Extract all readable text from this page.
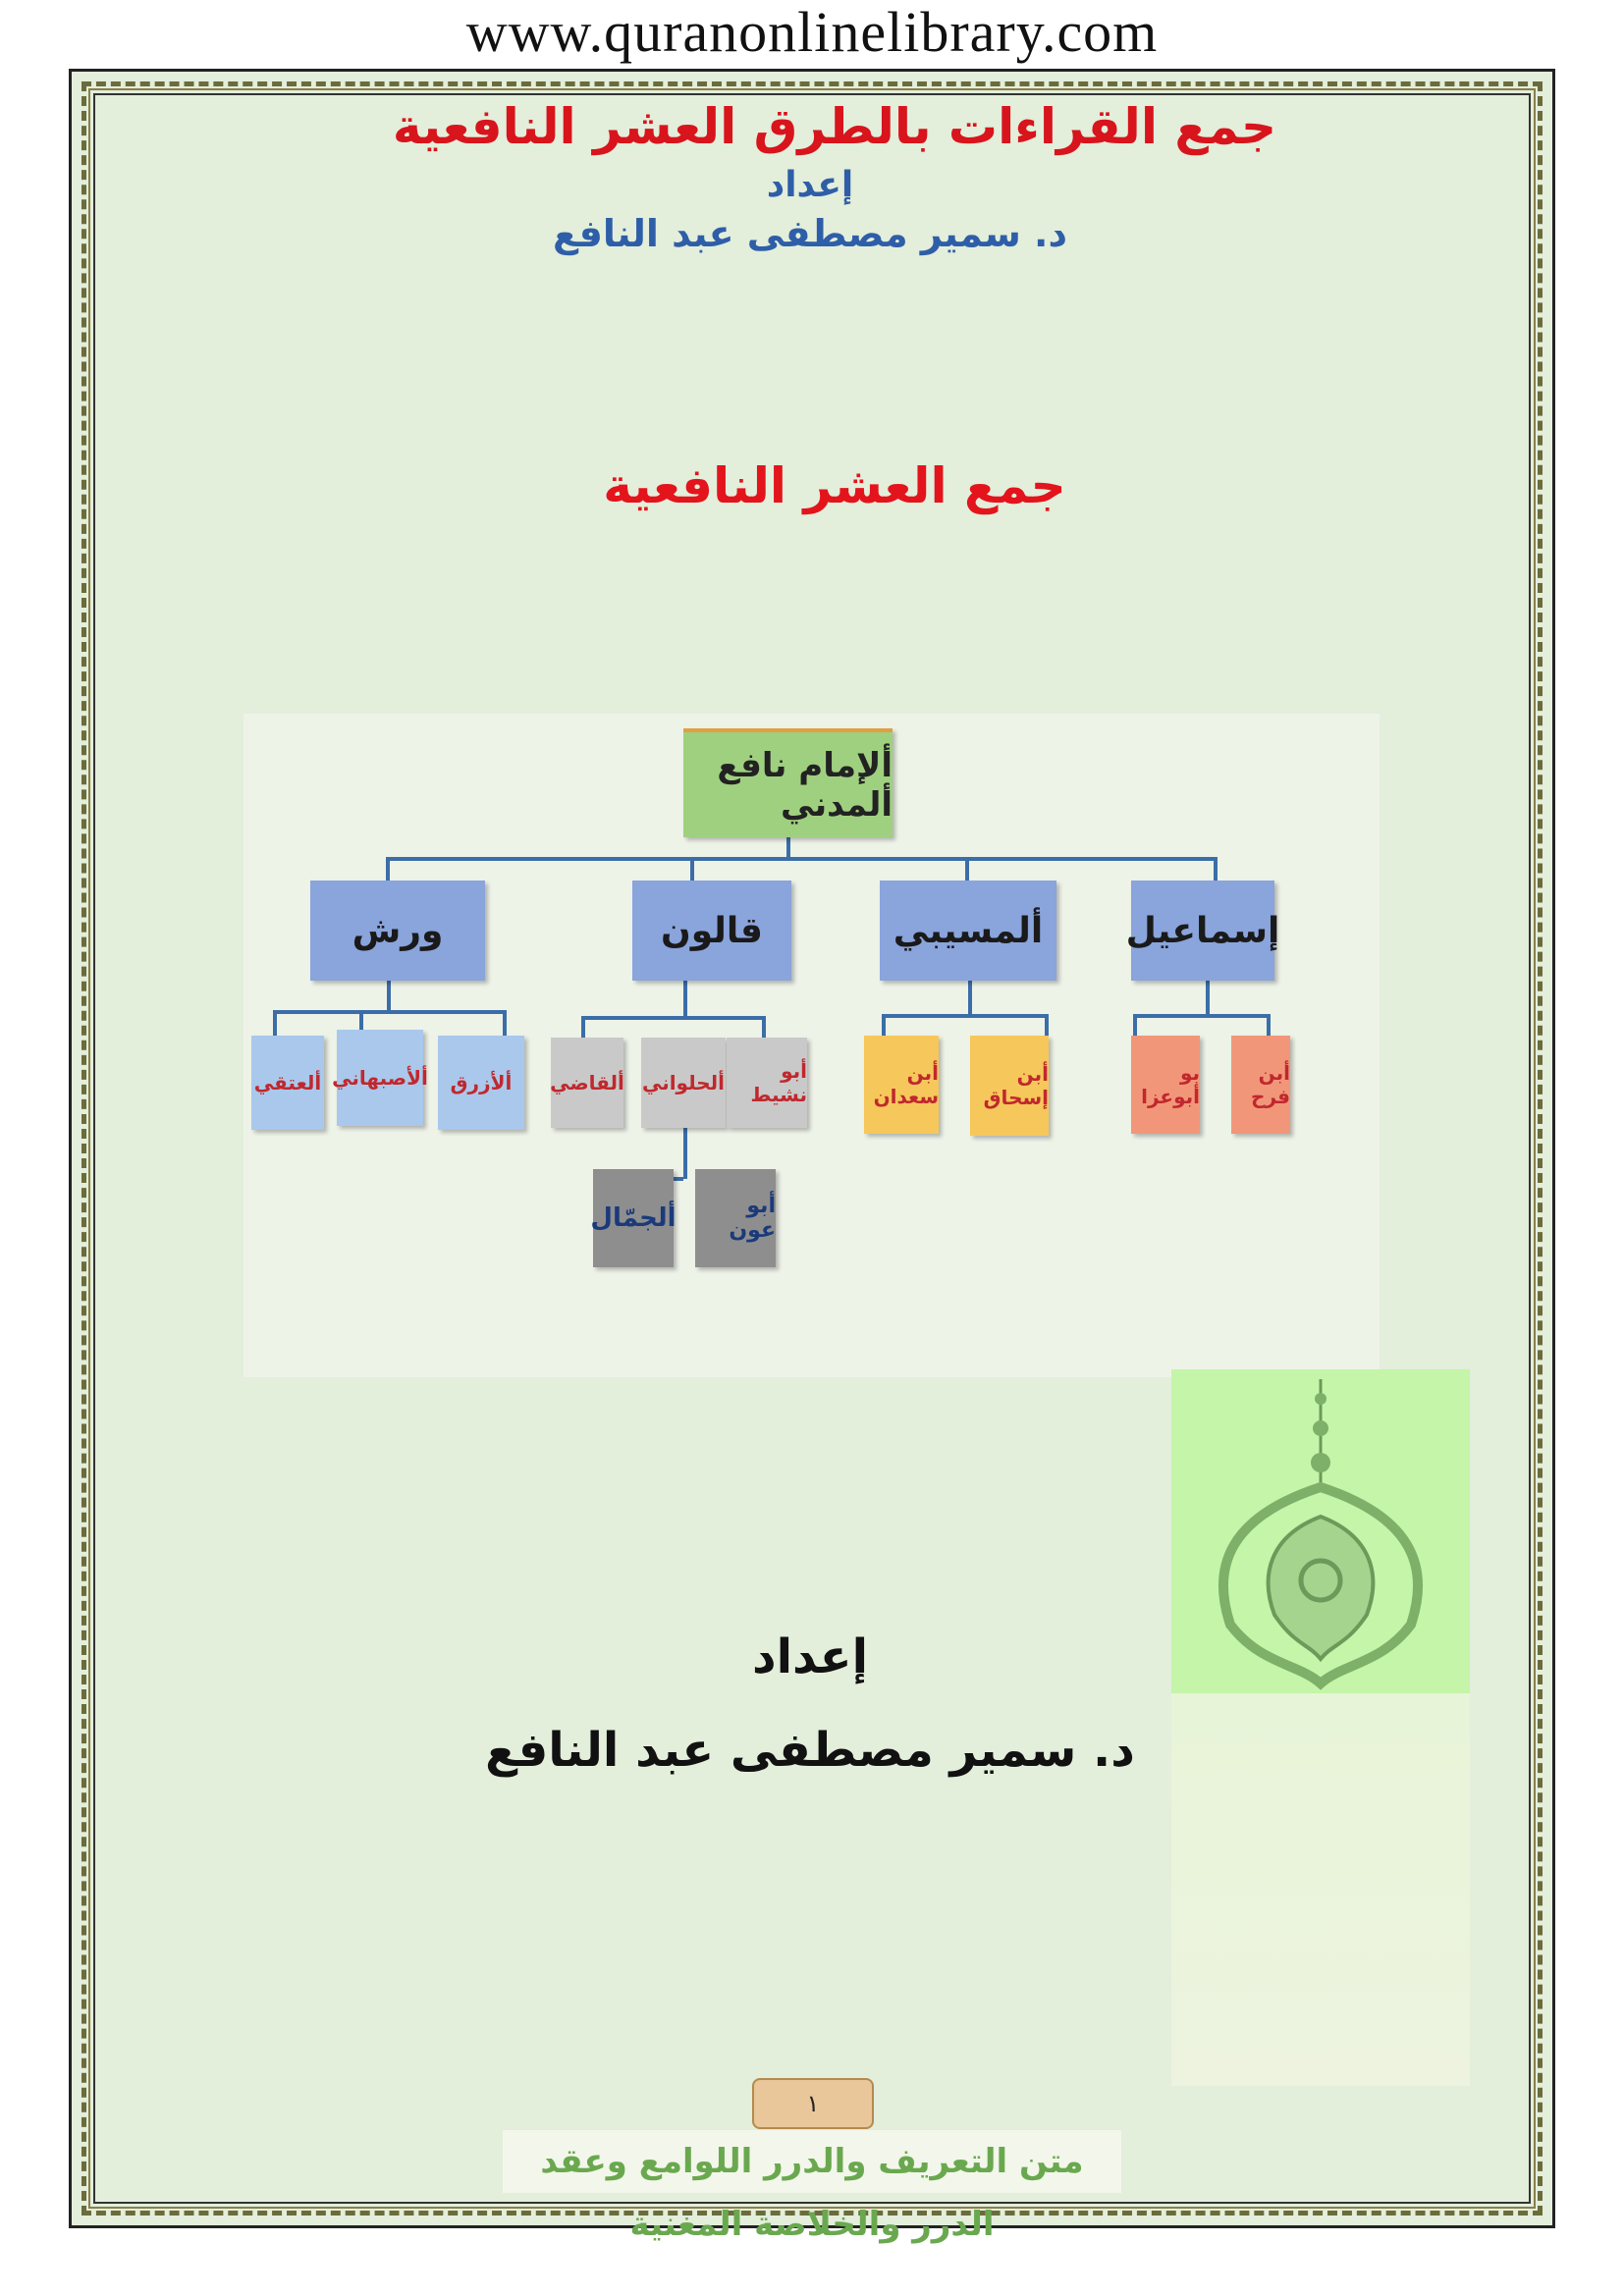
www.quranonlinelibrary.com
جمع القراءات بالطرق العشر النافعية
إعداد
د. سمير مصطفى عبد النافع
جمع العشر النافعية
ألإمام نافع ألمدني
ورش	قالون	ألمسيبي	إسماعيل
ألعتقي ألأصبهاني	ألأزرق	ألقاضي ألحلواني	أبو نشيط
ألجمّال	أبو عون
أبن سعدان
أبن إسحاق
بو أبوعزا
أبن فرح
إعداد
د. سمير مصطفى عبد النافع
١
متن التعريف والدرر اللوامع وعقد الدرر والخلاصة المغنية
